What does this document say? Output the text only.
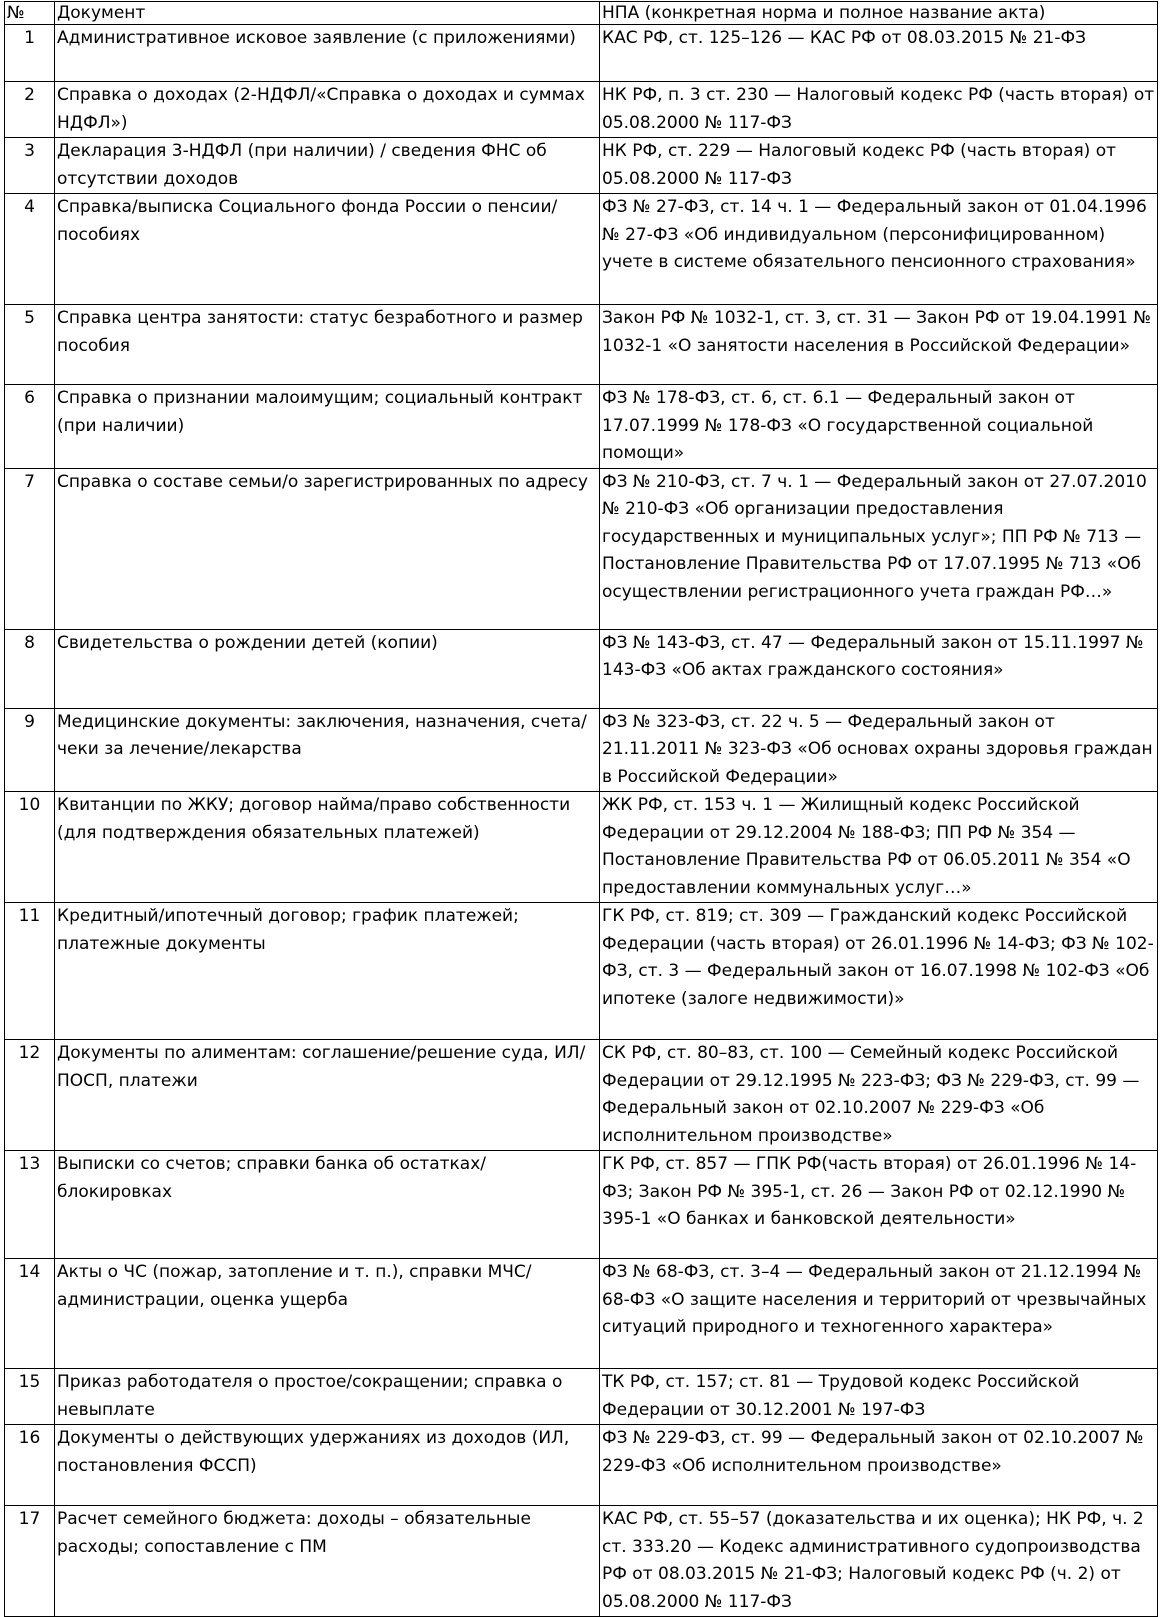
№	Документ	НПА (конкретная норма и полное название акта)
1	Административное исковое заявление (с приложениями)	КАС РФ, ст. 125–126 — КАС РФ от 08.03.2015 № 21-ФЗ
2	Справка о доходах (2-НДФЛ/«Справка о доходах и суммах НДФЛ»)	НК РФ, п. 3 ст. 230 — Налоговый кодекс РФ (часть вторая) от 05.08.2000 № 117-ФЗ
3	Декларация 3-НДФЛ (при наличии) / сведения ФНС об отсутствии доходов	НК РФ, ст. 229 — Налоговый кодекс РФ (часть вторая) от 05.08.2000 № 117-ФЗ
4	Справка/выписка Социального фонда России о пенсии/пособиях	ФЗ № 27-ФЗ, ст. 14 ч. 1 — Федеральный закон от 01.04.1996 № 27-ФЗ «Об индивидуальном (персонифицированном) учете в системе обязательного пенсионного страхования»
5	Справка центра занятости: статус безработного и размер пособия	Закон РФ № 1032-1, ст. 3, ст. 31 — Закон РФ от 19.04.1991 № 1032-1 «О занятости населения в Российской Федерации»
6	Справка о признании малоимущим; социальный контракт (при наличии)	ФЗ № 178-ФЗ, ст. 6, ст. 6.1 — Федеральный закон от 17.07.1999 № 178-ФЗ «О государственной социальной помощи»
7	Справка о составе семьи/о зарегистрированных по адресу	ФЗ № 210-ФЗ, ст. 7 ч. 1 — Федеральный закон от 27.07.2010 № 210-ФЗ «Об организации предоставления государственных и муниципальных услуг»; ПП РФ № 713 — Постановление Правительства РФ от 17.07.1995 № 713 «Об осуществлении регистрационного учета граждан РФ…»
8	Свидетельства о рождении детей (копии)	ФЗ № 143-ФЗ, ст. 47 — Федеральный закон от 15.11.1997 № 143-ФЗ «Об актах гражданского состояния»
9	Медицинские документы: заключения, назначения, счета/чеки за лечение/лекарства	ФЗ № 323-ФЗ, ст. 22 ч. 5 — Федеральный закон от 21.11.2011 № 323-ФЗ «Об основах охраны здоровья граждан в Российской Федерации»
10	Квитанции по ЖКУ; договор найма/право собственности (для подтверждения обязательных платежей)	ЖК РФ, ст. 153 ч. 1 — Жилищный кодекс Российской Федерации от 29.12.2004 № 188-ФЗ; ПП РФ № 354 — Постановление Правительства РФ от 06.05.2011 № 354 «О предоставлении коммунальных услуг…»
11	Кредитный/ипотечный договор; график платежей; платежные документы	ГК РФ, ст. 819; ст. 309 — Гражданский кодекс Российской Федерации (часть вторая) от 26.01.1996 № 14-ФЗ; ФЗ № 102-ФЗ, ст. 3 — Федеральный закон от 16.07.1998 № 102-ФЗ «Об ипотеке (залоге недвижимости)»
12	Документы по алиментам: соглашение/решение суда, ИЛ/ПОСП, платежи	СК РФ, ст. 80–83, ст. 100 — Семейный кодекс Российской Федерации от 29.12.1995 № 223-ФЗ; ФЗ № 229-ФЗ, ст. 99 — Федеральный закон от 02.10.2007 № 229-ФЗ «Об исполнительном производстве»
13	Выписки со счетов; справки банка об остатках/блокировках	ГК РФ, ст. 857 — ГПК РФ(часть вторая) от 26.01.1996 № 14-ФЗ; Закон РФ № 395-1, ст. 26 — Закон РФ от 02.12.1990 № 395-1 «О банках и банковской деятельности»
14	Акты о ЧС (пожар, затопление и т. п.), справки МЧС/администрации, оценка ущерба	ФЗ № 68-ФЗ, ст. 3–4 — Федеральный закон от 21.12.1994 № 68-ФЗ «О защите населения и территорий от чрезвычайных ситуаций природного и техногенного характера»
15	Приказ работодателя о простое/сокращении; справка о невыплате	ТК РФ, ст. 157; ст. 81 — Трудовой кодекс Российской Федерации от 30.12.2001 № 197-ФЗ
16	Документы о действующих удержаниях из доходов (ИЛ, постановления ФССП)	ФЗ № 229-ФЗ, ст. 99 — Федеральный закон от 02.10.2007 № 229-ФЗ «Об исполнительном производстве»
17	Расчет семейного бюджета: доходы – обязательные расходы; сопоставление с ПМ	КАС РФ, ст. 55–57 (доказательства и их оценка); НК РФ, ч. 2 ст. 333.20 — Кодекс административного судопроизводства РФ от 08.03.2015 № 21-ФЗ; Налоговый кодекс РФ (ч. 2) от 05.08.2000 № 117-ФЗ
